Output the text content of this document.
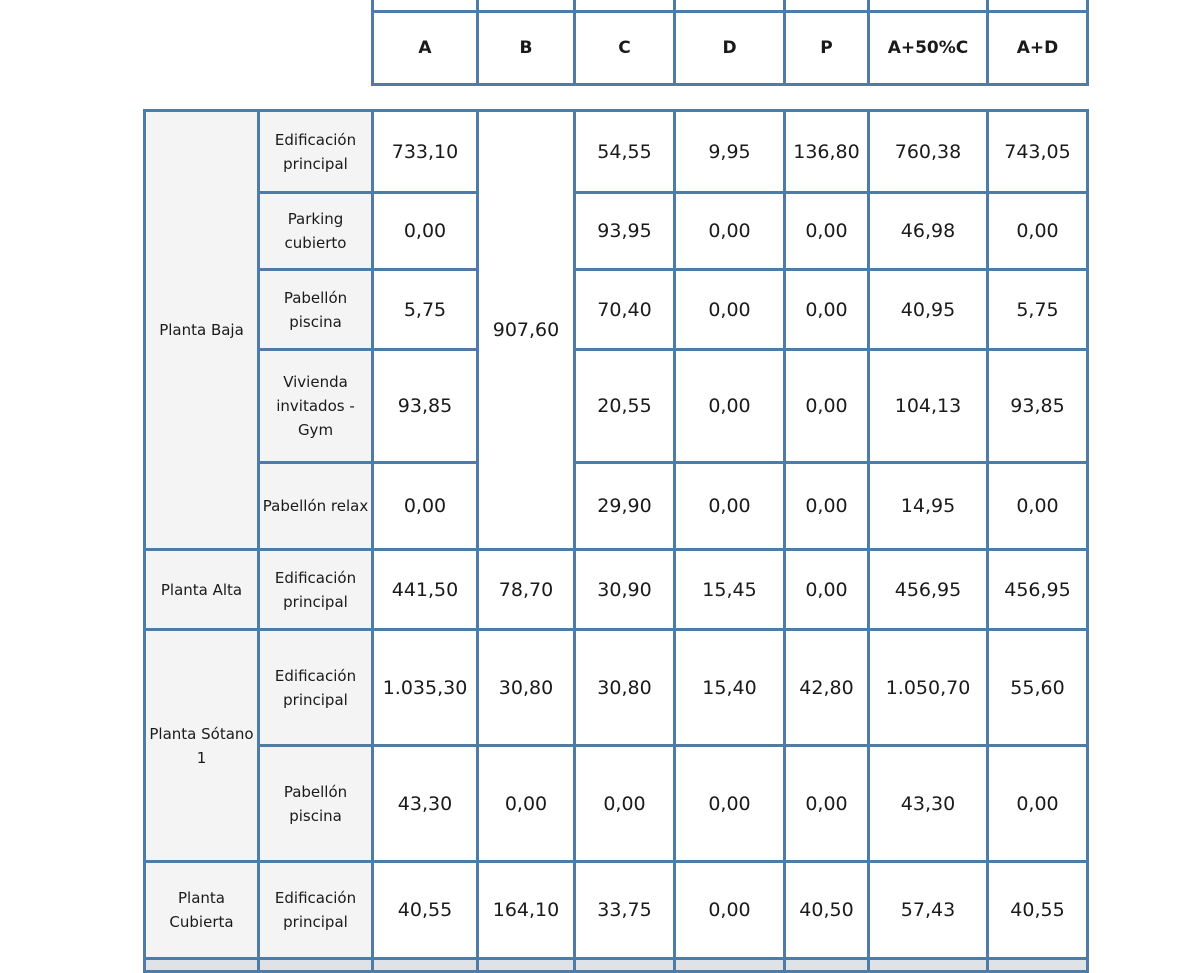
A	B	C	D	P	A+50%C	A+D
Planta Baja	Edificación principal	733,10	907,60	54,55	9,95	136,80	760,38	743,05
	Parking cubierto	0,00		93,95	0,00	0,00	46,98	0,00
	Pabellón piscina	5,75		70,40	0,00	0,00	40,95	5,75
	Vivienda invitados - Gym	93,85		20,55	0,00	0,00	104,13	93,85
	Pabellón relax	0,00		29,90	0,00	0,00	14,95	0,00
Planta Alta	Edificación principal	441,50	78,70	30,90	15,45	0,00	456,95	456,95
Planta Sótano 1	Edificación principal	1.035,30	30,80	30,80	15,40	42,80	1.050,70	55,60
	Pabellón piscina	43,30	0,00	0,00	0,00	0,00	43,30	0,00
Planta Cubierta	Edificación principal	40,55	164,10	33,75	0,00	40,50	57,43	40,55
